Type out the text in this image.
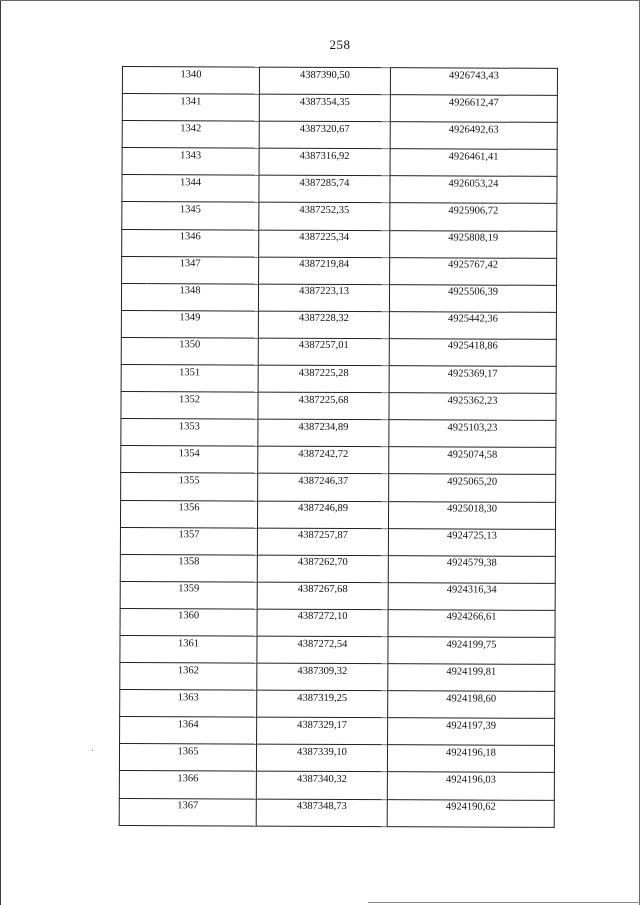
258
1340	4387390,50	4926743,43
1341	4387354,35	4926612,47
1342	4387320,67	4926492,63
1343	4387316,92	4926461,41
1344	4387285,74	4926053,24
1345	4387252,35	4925906,72
1346	4387225,34	4925808,19
1347	4387219,84	4925767,42
1348	4387223,13	4925506,39
1349	4387228,32	4925442,36
1350	4387257,01	4925418,86
1351	4387225,28	4925369,17
1352	4387225,68	4925362,23
1353	4387234,89	4925103,23
1354	4387242,72	4925074,58
1355	4387246,37	4925065,20
1356	4387246,89	4925018,30
1357	4387257,87	4924725,13
1358	4387262,70	4924579,38
1359	4387267,68	4924316,34
1360	4387272,10	4924266,61
1361	4387272,54	4924199,75
1362	4387309,32	4924199,81
1363	4387319,25	4924198,60
1364	4387329,17	4924197,39
1365	4387339,10	4924196,18
1366	4387340,32	4924196,03
1367	4387348,73	4924190,62
